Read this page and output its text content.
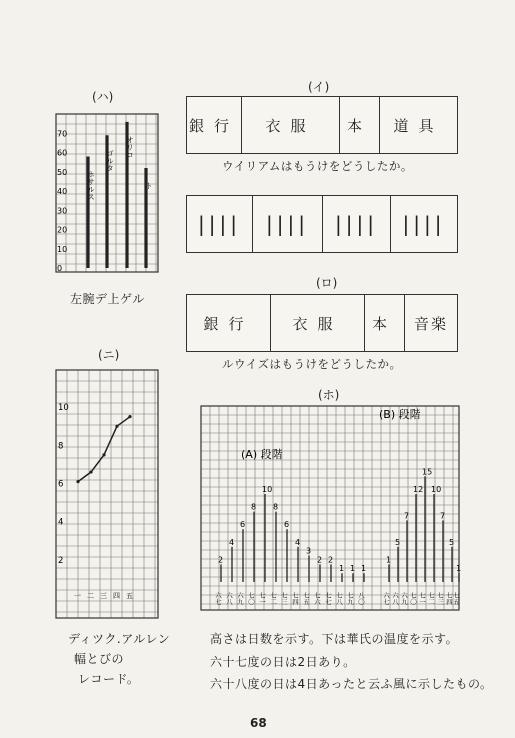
(ハ)
0
10
20
30
40
50
60
70
ホサルス
ゴルタ
オリコ
ト
左腕デ上ゲル
(イ)
銀行	衣服	本	道具
ウイリアムはもうけをどうしたか。
||||	||||	||||	||||
(ロ)
銀行	衣服	本	音楽
ルウイズはもうけをどうしたか。
(ニ)
2
4
6
8
10
一 二 三 四 五
ディツク.アルレン
幅とびの
レコード。
(ホ)
(A) 段階
(B) 段階
2
六七
4
六八
6
六九
8
七〇
10
七一
8
七二
6
七三
4
七四
3
七五
2
七六
2
七七
1
七八
1
七九
1
八〇
1
六七
5
六八
7
六九
12
七〇
15
七一
10
七二
7
七三
5
七四
1
七五
高さは日数を示す。下は華氏の温度を示す。
六十七度の日は2日あり。
六十八度の日は4日あったと云ふ風に示したもの。
68
